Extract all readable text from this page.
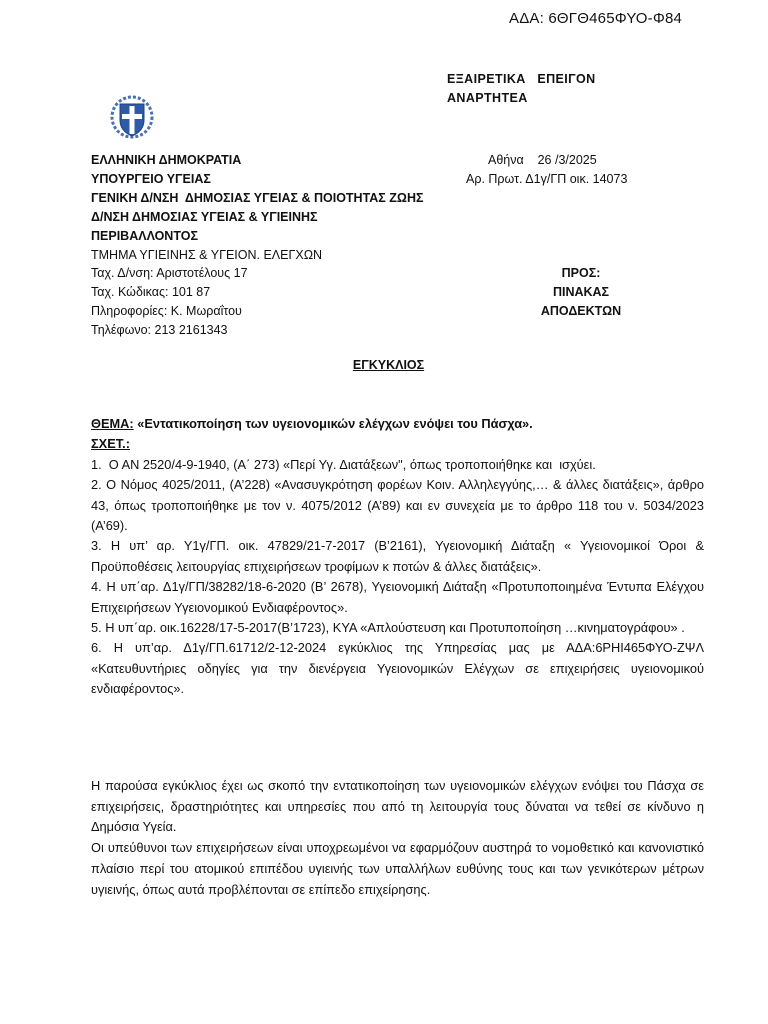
ΑΔΑ: 6ΘΓΘ465ΦΥΟ-Φ84
ΕΞΑΙΡΕΤΙΚΑ   ΕΠΕΙΓΟΝ
ΑΝΑΡΤΗΤΕΑ
ΕΛΛΗΝΙΚΗ ΔΗΜΟΚΡΑΤΙΑ
ΥΠΟΥΡΓΕΙΟ ΥΓΕΙΑΣ
ΓΕΝΙΚΗ Δ/ΝΣΗ  ΔΗΜΟΣΙΑΣ ΥΓΕΙΑΣ & ΠΟΙΟΤΗΤΑΣ ΖΩΗΣ
Δ/ΝΣΗ ΔΗΜΟΣΙΑΣ ΥΓΕΙΑΣ & ΥΓΙΕΙΝΗΣ
ΠΕΡΙΒΑΛΛΟΝΤΟΣ
ΤΜΗΜΑ ΥΓΙΕΙΝΗΣ & ΥΓΕΙΟΝ. ΕΛΕΓΧΩΝ
Ταχ. Δ/νση: Αριστοτέλους 17
Ταχ. Κώδικας: 101 87
Πληροφορίες: Κ. Μωραΐτου
Τηλέφωνο: 213 2161343
Αθήνα    26 /3/2025
Αρ. Πρωτ. Δ1γ/ΓΠ οικ. 14073
ΠΡΟΣ:
ΠΙΝΑΚΑΣ ΑΠΟΔΕΚΤΩΝ
ΕΓΚΥΚΛΙΟΣ

ΘΕΜΑ: «Εντατικοποίηση των υγειονομικών ελέγχων ενόψει του Πάσχα».

ΣΧΕΤ.:

1.  Ο ΑΝ 2520/4-9-1940, (Α΄ 273) «Περί Υγ. Διατάξεων", όπως τροποποιήθηκε και  ισχύει.

2. Ο Νόμος 4025/2011, (Α’228) «Ανασυγκρότηση φορέων Κοιν. Αλληλεγγύης,… & άλλες διατάξεις», άρθρο 43, όπως τροποποιήθηκε με τον ν. 4075/2012 (Α’89) και εν συνεχεία με το άρθρο 118 του ν. 5034/2023 (Α’69).

3. Η υπ’ αρ. Υ1γ/ΓΠ. οικ. 47829/21-7-2017 (Β’2161), Υγειονομική Διάταξη « Υγειονομικοί Όροι & Προϋποθέσεις λειτουργίας επιχειρήσεων τροφίμων κ ποτών & άλλες διατάξεις».

4. Η υπ΄αρ. Δ1γ/ΓΠ/38282/18-6-2020 (Β’ 2678), Υγειονομική Διάταξη «Προτυποποιημένα Έντυπα Ελέγχου Επιχειρήσεων Υγειονομικού Ενδιαφέροντος».

5. Η υπ΄αρ. οικ.16228/17-5-2017(Β’1723), ΚΥΑ «Απλούστευση και Προτυποποίηση …κινηματογράφου» .

6. Η υπ’αρ. Δ1γ/ΓΠ.61712/2-12-2024 εγκύκλιος της Υπηρεσίας μας με ΑΔΑ:6ΡΗΙ465ΦΥΟ-ΖΨΛ «Κατευθυντήριες οδηγίες για την διενέργεια Υγειονομικών Ελέγχων σε επιχειρήσεις υγειονομικού ενδιαφέροντος».

Η παρούσα εγκύκλιος έχει ως σκοπό την εντατικοποίηση των υγειονομικών ελέγχων ενόψει του Πάσχα σε επιχειρήσεις, δραστηριότητες και υπηρεσίες που από τη λειτουργία τους δύναται να τεθεί σε κίνδυνο η Δημόσια Υγεία.

Οι υπεύθυνοι των επιχειρήσεων είναι υποχρεωμένοι να εφαρμόζουν αυστηρά το νομοθετικό και κανονιστικό πλαίσιο περί του ατομικού επιπέδου υγιεινής των υπαλλήλων ευθύνης τους και των γενικότερων μέτρων υγιεινής, όπως αυτά προβλέπονται σε επίπεδο επιχείρησης.
